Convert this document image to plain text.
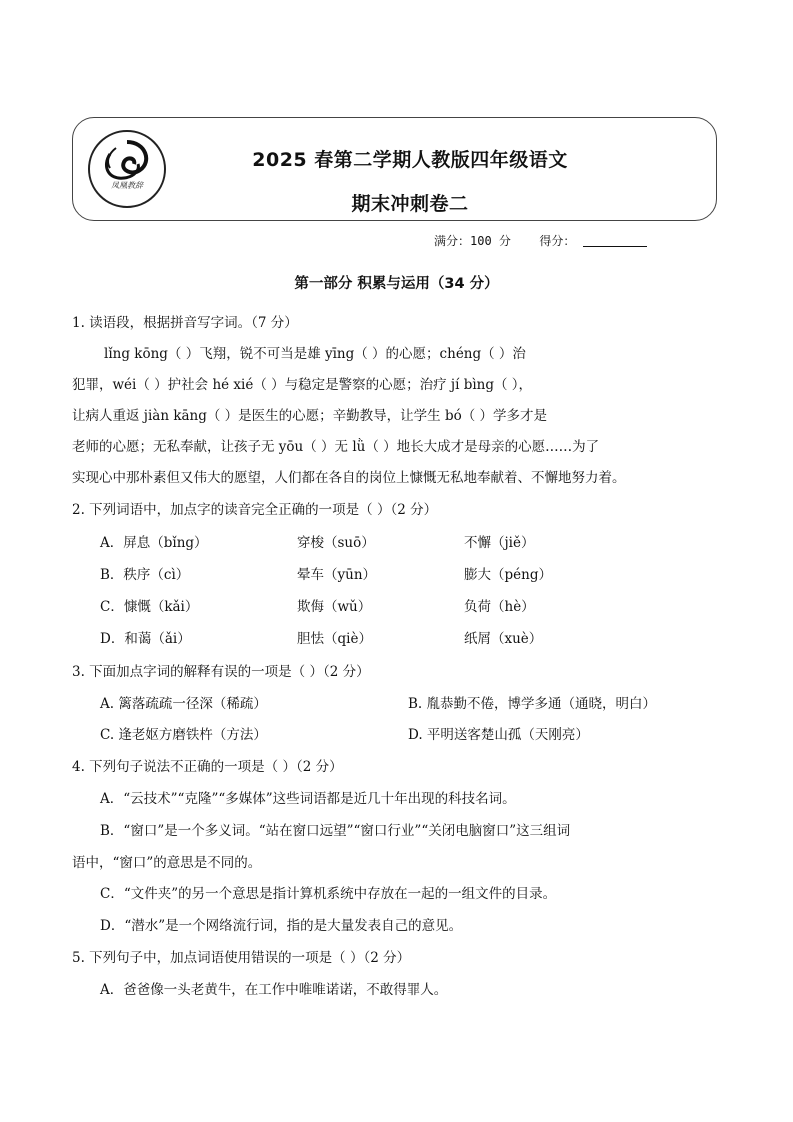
凤凰教辞
2025 春第二学期人教版四年级语文
期末冲刺卷二
满分：100 分 得分：
第一部分 积累与运用（34 分）
1. 读语段，根据拼音写字词。（7 分）
lǐng kōng（ ）飞翔，锐不可当是雄 yīng（ ）的心愿；chéng（ ）治
犯罪，wéi（ ）护社会 hé xié（ ）与稳定是警察的心愿；治疗 jí bìng（ ），
让病人重返 jiàn kāng（ ）是医生的心愿；辛勤教导，让学生 bó（ ）学多才是
老师的心愿；无私奉献，让孩子无 yōu（ ）无 lǜ（ ）地长大成才是母亲的心愿……为了
实现心中那朴素但又伟大的愿望，人们都在各自的岗位上慷慨无私地奉献着、不懈地努力着。
2. 下列词语中，加点字的读音完全正确的一项是（ ）（2 分）
A．屏息（bǐng）	穿梭（suō）	不懈（jiě）
B．秩序（cì）	晕车（yūn）	膨大（péng）
C．慷慨（kǎi）	欺侮（wǔ）	负荷（hè）
D．和蔼（ǎi）	胆怯（qiè）	纸屑（xuè）
3. 下面加点字词的解释有误的一项是（ ）（2 分）
A. 篱落疏疏一径深（稀疏）	B. 胤恭勤不倦，博学多通（通晓，明白）
C. 逢老妪方磨铁杵（方法）	D. 平明送客楚山孤（天刚亮）
4. 下列句子说法不正确的一项是（ ）（2 分）
A．“云技术”“克隆”“多媒体”这些词语都是近几十年出现的科技名词。
B．“窗口”是一个多义词。“站在窗口远望”“窗口行业”“关闭电脑窗口”这三组词
语中，“窗口”的意思是不同的。
C．“文件夹”的另一个意思是指计算机系统中存放在一起的一组文件的目录。
D．“潜水”是一个网络流行词，指的是大量发表自己的意见。
5. 下列句子中，加点词语使用错误的一项是（ ）（2 分）
A．爸爸像一头老黄牛，在工作中唯唯诺诺，不敢得罪人。
